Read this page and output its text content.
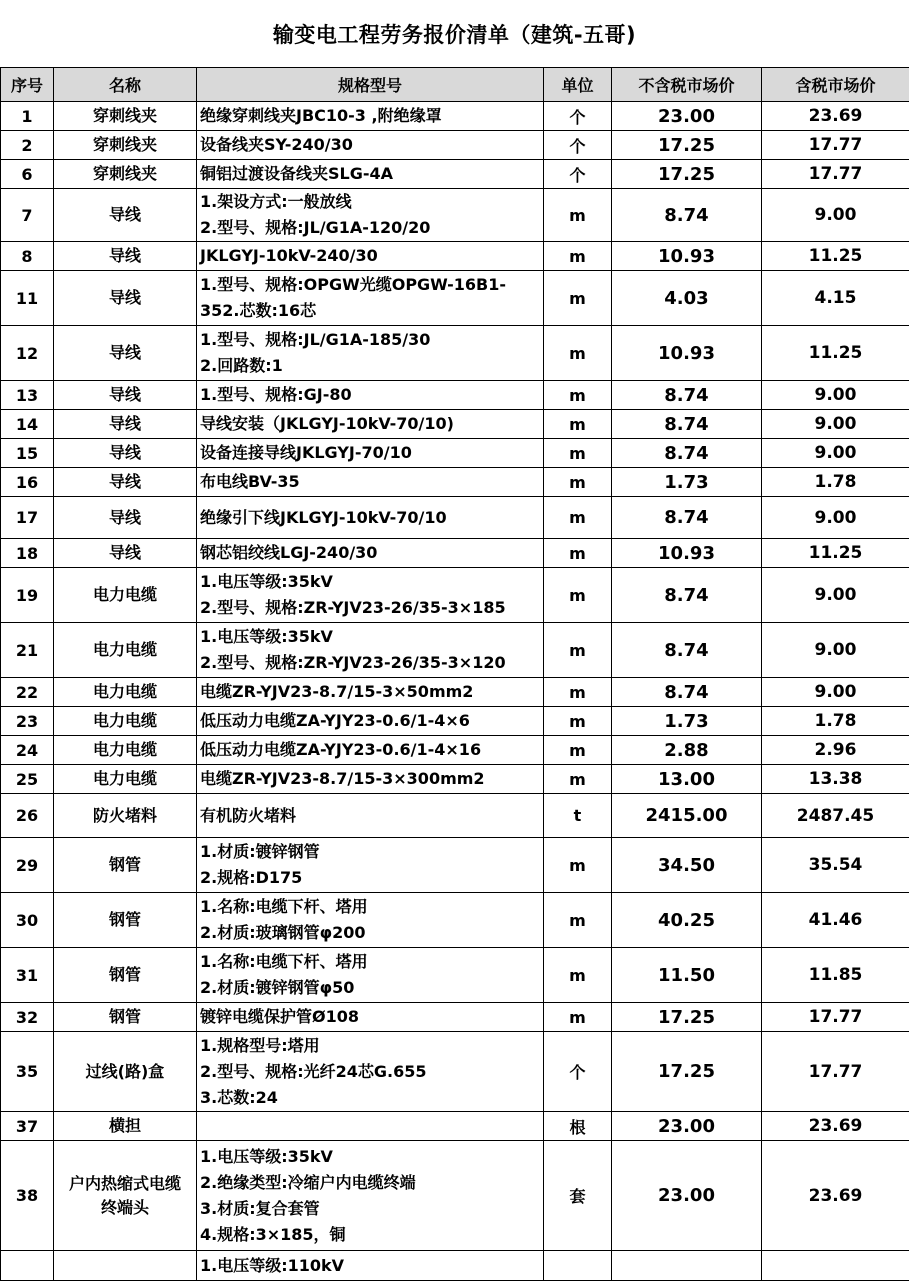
输变电工程劳务报价清单（建筑-五哥)
序号	名称	规格型号	单位	不含税市场价	含税市场价
1	穿刺线夹	绝缘穿刺线夹JBC10-3 ,附绝缘罩	个	23.00	23.69
2	穿刺线夹	设备线夹SY-240/30	个	17.25	17.77
6	穿刺线夹	铜铝过渡设备线夹SLG-4A	个	17.25	17.77
7	导线	1.架设方式:一般放线
2.型号、规格:JL/G1A-120/20	m	8.74	9.00
8	导线	JKLGYJ-10kV-240/30	m	10.93	11.25
11	导线	1.型号、规格:OPGW光缆OPGW-16B1-
352.芯数:16芯	m	4.03	4.15
12	导线	1.型号、规格:JL/G1A-185/30
2.回路数:1	m	10.93	11.25
13	导线	1.型号、规格:GJ-80	m	8.74	9.00
14	导线	导线安装（JKLGYJ-10kV-70/10)	m	8.74	9.00
15	导线	设备连接导线JKLGYJ-70/10	m	8.74	9.00
16	导线	布电线BV-35	m	1.73	1.78
17	导线	绝缘引下线JKLGYJ-10kV-70/10	m	8.74	9.00
18	导线	钢芯铝绞线LGJ-240/30	m	10.93	11.25
19	电力电缆	1.电压等级:35kV
2.型号、规格:ZR-YJV23-26/35-3×185	m	8.74	9.00
21	电力电缆	1.电压等级:35kV
2.型号、规格:ZR-YJV23-26/35-3×120	m	8.74	9.00
22	电力电缆	电缆ZR-YJV23-8.7/15-3×50mm2	m	8.74	9.00
23	电力电缆	低压动力电缆ZA-YJY23-0.6/1-4×6	m	1.73	1.78
24	电力电缆	低压动力电缆ZA-YJY23-0.6/1-4×16	m	2.88	2.96
25	电力电缆	电缆ZR-YJV23-8.7/15-3×300mm2	m	13.00	13.38
26	防火堵料	有机防火堵料	t	2415.00	2487.45
29	钢管	1.材质:镀锌钢管
2.规格:D175	m	34.50	35.54
30	钢管	1.名称:电缆下杆、塔用
2.材质:玻璃钢管φ200	m	40.25	41.46
31	钢管	1.名称:电缆下杆、塔用
2.材质:镀锌钢管φ50	m	11.50	11.85
32	钢管	镀锌电缆保护管Ø108	m	17.25	17.77
35	过线(路)盒	1.规格型号:塔用
2.型号、规格:光纤24芯G.655
3.芯数:24	个	17.25	17.77
37	横担		根	23.00	23.69
38	户内热缩式电缆
终端头	1.电压等级:35kV
2.绝缘类型:冷缩户内电缆终端
3.材质:复合套管
4.规格:3×185，铜	套	23.00	23.69

		1.电压等级:110kV			
